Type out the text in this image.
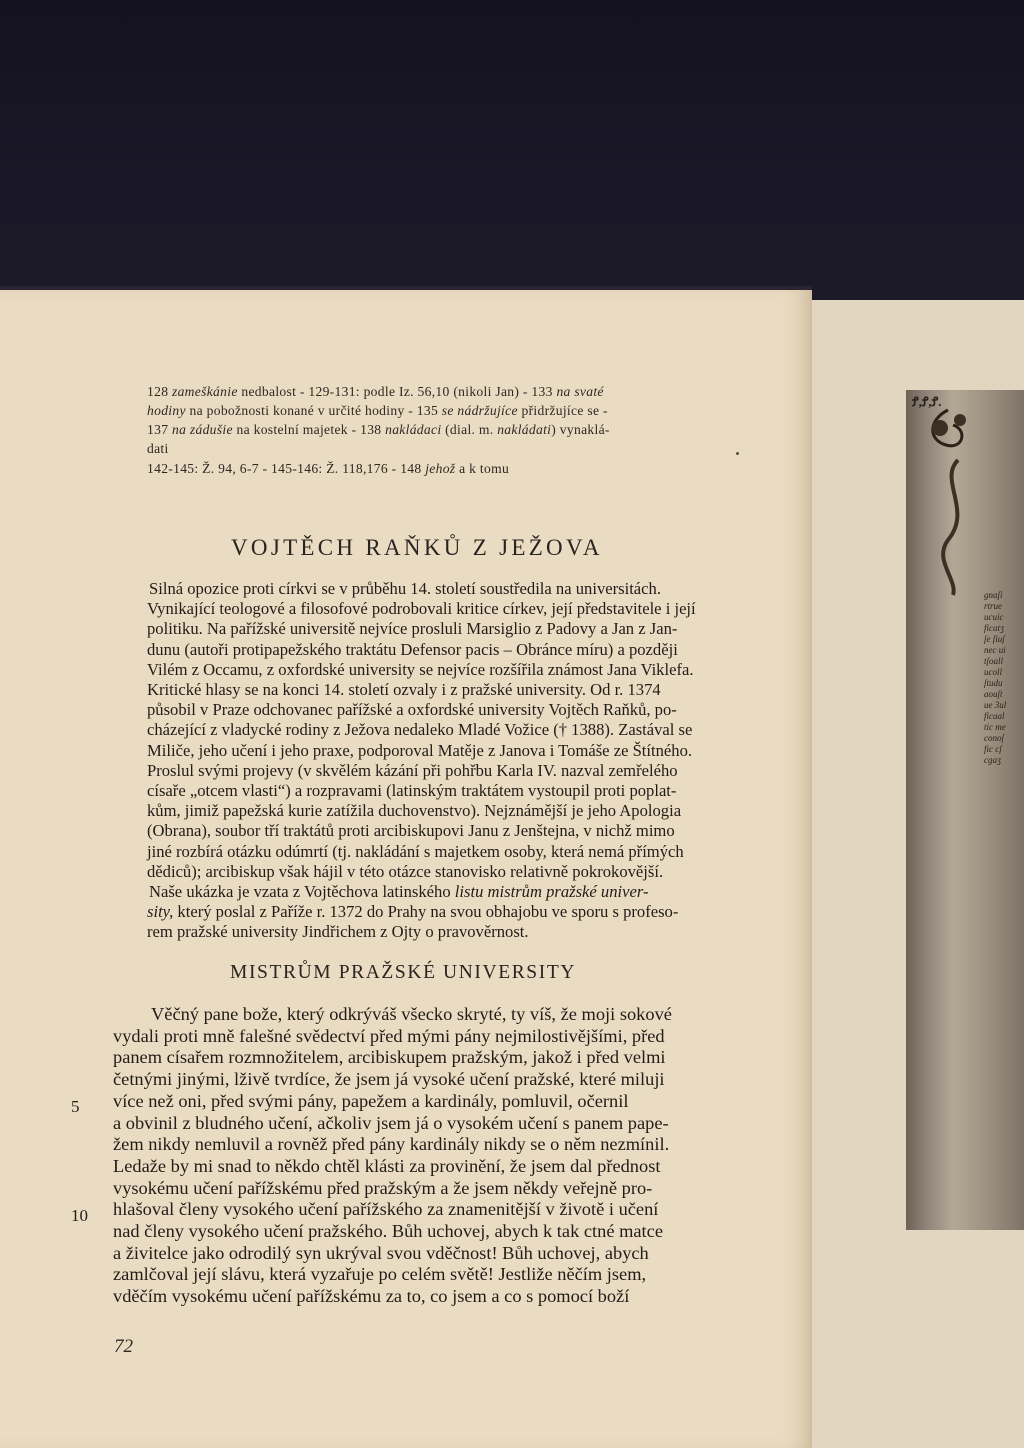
Ꝭ,Ꝭ,Ꝭ.
gnaſi
rtrue
ucuic
ficatʒ
ſe ſiuſ
nec ui
tſoall
ucoll
ſtudu
aouſt
ue 3ul
ficaal
tic me
conoſ
fic cſ
cgaʒ
128 zameškánie nedbalost - 129-131: podle Iz. 56,10 (nikoli Jan) - 133 na svaté
hodiny na pobožnosti konané v určité hodiny - 135 se nádržujíce přidržujíce se -
137 na zádušie na kostelní majetek - 138 nakládaci (dial. m. nakládati) vynaklá-
dati
142-145: Ž. 94, 6-7 - 145-146: Ž. 118,176 - 148 jehož a k tomu
VOJTĚCH RAŇKŮ Z JEŽOVA
Silná opozice proti církvi se v průběhu 14. století soustředila na universitách.
Vynikající teologové a filosofové podrobovali kritice církev, její představitele i její
politiku. Na pařížské universitě nejvíce prosluli Marsiglio z Padovy a Jan z Jan-
dunu (autoři protipapežského traktátu Defensor pacis – Obránce míru) a později
Vilém z Occamu, z oxfordské university se nejvíce rozšířila známost Jana Viklefa.
Kritické hlasy se na konci 14. století ozvaly i z pražské university. Od r. 1374
působil v Praze odchovanec pařížské a oxfordské university Vojtěch Raňků, po-
cházející z vladycké rodiny z Ježova nedaleko Mladé Vožice († 1388). Zastával se
Miliče, jeho učení i jeho praxe, podporoval Matěje z Janova i Tomáše ze Štítného.
Proslul svými projevy (v skvělém kázání při pohřbu Karla IV. nazval zemřelého
císaře „otcem vlasti“) a rozpravami (latinským traktátem vystoupil proti poplat-
kům, jimiž papežská kurie zatížila duchovenstvo). Nejznámější je jeho Apologia
(Obrana), soubor tří traktátů proti arcibiskupovi Janu z Jenštejna, v nichž mimo
jiné rozbírá otázku odúmrtí (tj. nakládání s majetkem osoby, která nemá přímých
dědiců); arcibiskup však hájil v této otázce stanovisko relativně pokrokovější.
Naše ukázka je vzata z Vojtěchova latinského listu mistrům pražské univer-
sity, který poslal z Paříže r. 1372 do Prahy na svou obhajobu ve sporu s profeso-
rem pražské university Jindřichem z Ojty o pravověrnost.
MISTRŮM PRAŽSKÉ UNIVERSITY
Věčný pane bože, který odkrýváš všecko skryté, ty víš, že moji sokové
vydali proti mně falešné svědectví před mými pány nejmilostivějšími, před
panem císařem rozmnožitelem, arcibiskupem pražským, jakož i před velmi
četnými jinými, lživě tvrdíce, že jsem já vysoké učení pražské, které miluji
více než oni, před svými pány, papežem a kardinály, pomluvil, očernil
a obvinil z bludného učení, ačkoliv jsem já o vysokém učení s panem pape-
žem nikdy nemluvil a rovněž před pány kardinály nikdy se o něm nezmínil.
Ledaže by mi snad to někdo chtěl klásti za provinění, že jsem dal přednost
vysokému učení pařížskému před pražským a že jsem někdy veřejně pro-
hlašoval členy vysokého učení pařížského za znamenitější v životě i učení
nad členy vysokého učení pražského. Bůh uchovej, abych k tak ctné matce
a živitelce jako odrodilý syn ukrýval svou vděčnost! Bůh uchovej, abych
zamlčoval její slávu, která vyzařuje po celém světě! Jestliže něčím jsem,
vděčím vysokému učení pařížskému za to, co jsem a co s pomocí boží
5
10
72
